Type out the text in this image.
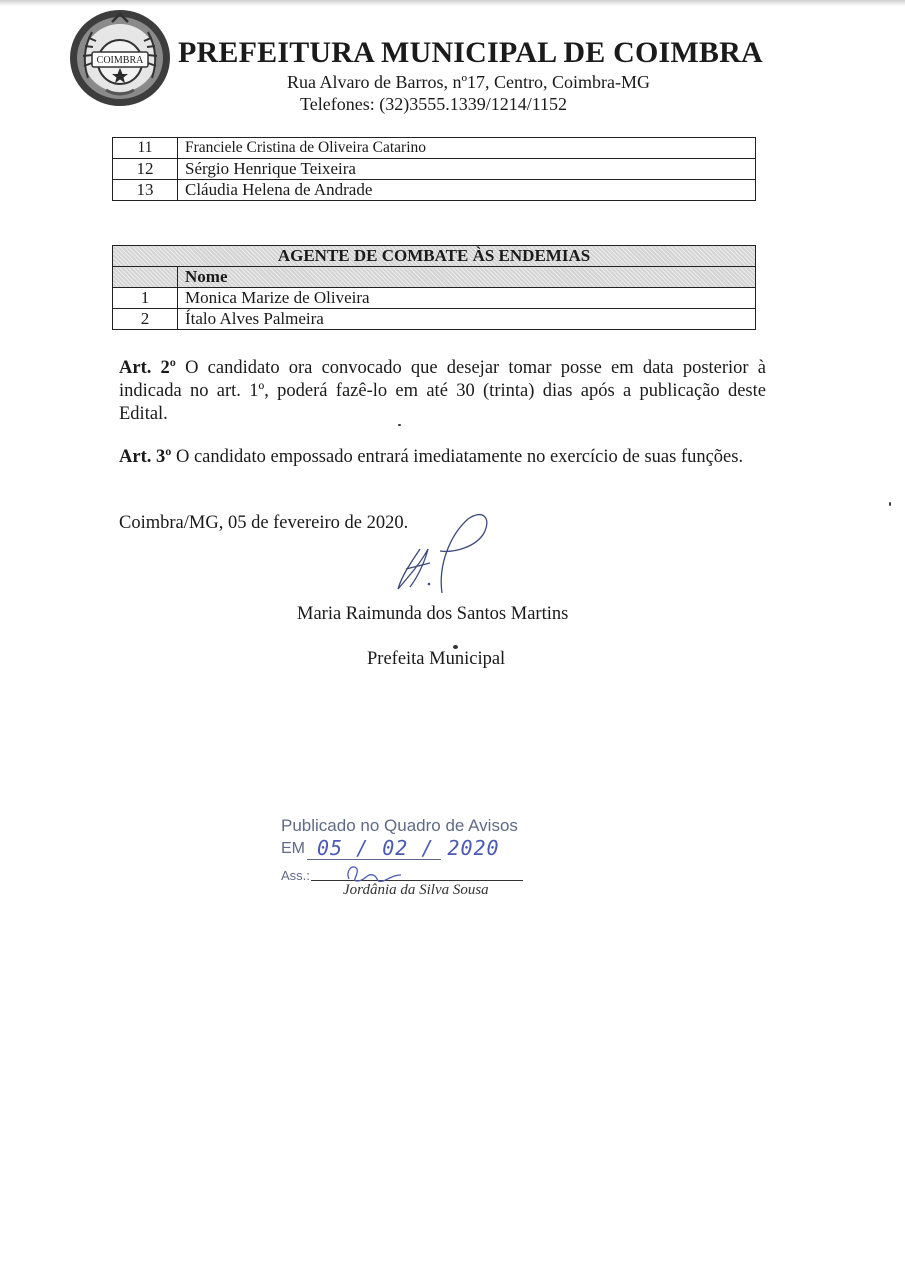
COIMBRA PREFEITURA MUNICIPAL DE COIMBRA
Rua Alvaro de Barros, nº17, Centro, Coimbra-MG
Telefones: (32)3555.1339/1214/1152
11	Franciele Cristina de Oliveira Catarino
12	Sérgio Henrique Teixeira
13	Cláudia Helena de Andrade
AGENTE DE COMBATE ÀS ENDEMIAS	
	Nome
1	Monica Marize de Oliveira
2	Ítalo Alves Palmeira

Art. 2º O candidato ora convocado que desejar tomar posse em data posterior à indicada no art. 1º, poderá fazê-lo em até 30 (trinta) dias após a publicação deste Edital.

Art. 3º O candidato empossado entrará imediatamente no exercício de suas funções.

Coimbra/MG, 05 de fevereiro de 2020.
Maria Raimunda dos Santos Martins
Prefeita Municipal
Publicado no Quadro de Avisos
EM 05 / 02 / 2020
Ass.:
Jordânia da Silva Sousa
